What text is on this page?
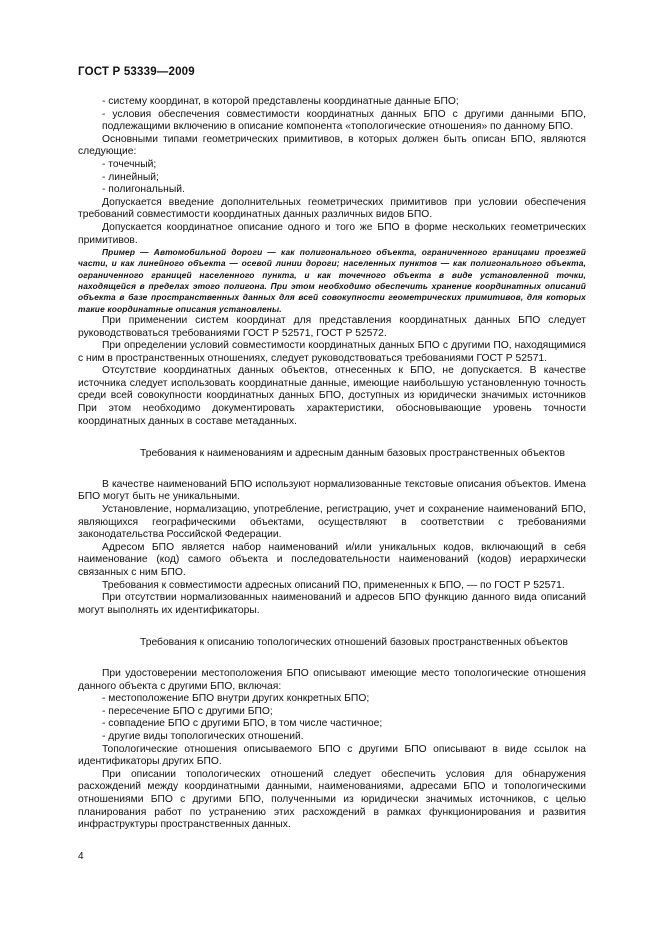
ГОСТ Р 53339—2009

- систему координат, в которой представлены координатные данные БПО;

- условия обеспечения совместимости координатных данных БПО с другими данными БПО, подлежащими включению в описание компонента «топологические отношения» по данному БПО.

Основными типами геометрических примитивов, в которых должен быть описан БПО, являются следующие:

- точечный;

- линейный;

- полигональный.

Допускается введение дополнительных геометрических примитивов при условии обеспечения требований совместимости координатных данных различных видов БПО.

Допускается координатное описание одного и того же БПО в форме нескольких геометрических примитивов.

Пример — Автомобильной дороги — как полигонального объекта, ограниченного границами проезжей части, и как линейного объекта — осевой линии дороги; населенных пунктов — как полигонального объекта, ограниченного границей населенного пункта, и как точечного объекта в виде установленной точки, находящейся в пределах этого полигона. При этом необходимо обеспечить хранение координатных описаний объекта в базе пространственных данных для всей совокупности геометрических примитивов, для которых такие координатные описания установлены.

При применении систем координат для представления координатных данных БПО следует руководствоваться требованиями ГОСТ Р 52571, ГОСТ Р 52572.

При определении условий совместимости координатных данных БПО с другими ПО, находящимися с ним в пространственных отношениях, следует руководствоваться требованиями ГОСТ Р 52571.

Отсутствие координатных данных объектов, отнесенных к БПО, не допускается. В качестве источника следует использовать координатные данные, имеющие наибольшую установленную точность среди всей совокупности координатных данных БПО, доступных из юридически значимых источников При этом необходимо документировать характеристики, обосновывающие уровень точности координатных данных в составе метаданных.

Требования к наименованиям и адресным данным базовых пространственных объектов

В качестве наименований БПО используют нормализованные текстовые описания объектов. Имена БПО могут быть не уникальными.

Установление, нормализацию, употребление, регистрацию, учет и сохранение наименований БПО, являющихся географическими объектами, осуществляют в соответствии с требованиями законодательства Российской Федерации.

Адресом БПО является набор наименований и/или уникальных кодов, включающий в себя наименование (код) самого объекта и последовательности наименований (кодов) иерархически связанных с ним БПО.

Требования к совместимости адресных описаний ПО, примененных к БПО, — по ГОСТ Р 52571.

При отсутствии нормализованных наименований и адресов БПО функцию данного вида описаний могут выполнять их идентификаторы.

Требования к описанию топологических отношений базовых пространственных объектов

При удостоверении местоположения БПО описывают имеющие место топологические отношения данного объекта с другими БПО, включая:

- местоположение БПО внутри других конкретных БПО;

- пересечение БПО с другими БПО;

- совпадение БПО с другими БПО, в том числе частичное;

- другие виды топологических отношений.

Топологические отношения описываемого БПО с другими БПО описывают в виде ссылок на идентификаторы других БПО.

При описании топологических отношений следует обеспечить условия для обнаружения расхождений между координатными данными, наименованиями, адресами БПО и топологическими отношениями БПО с другими БПО, полученными из юридически значимых источников, с целью планирования работ по устранению этих расхождений в рамках функционирования и развития инфраструктуры пространственных данных.

4
